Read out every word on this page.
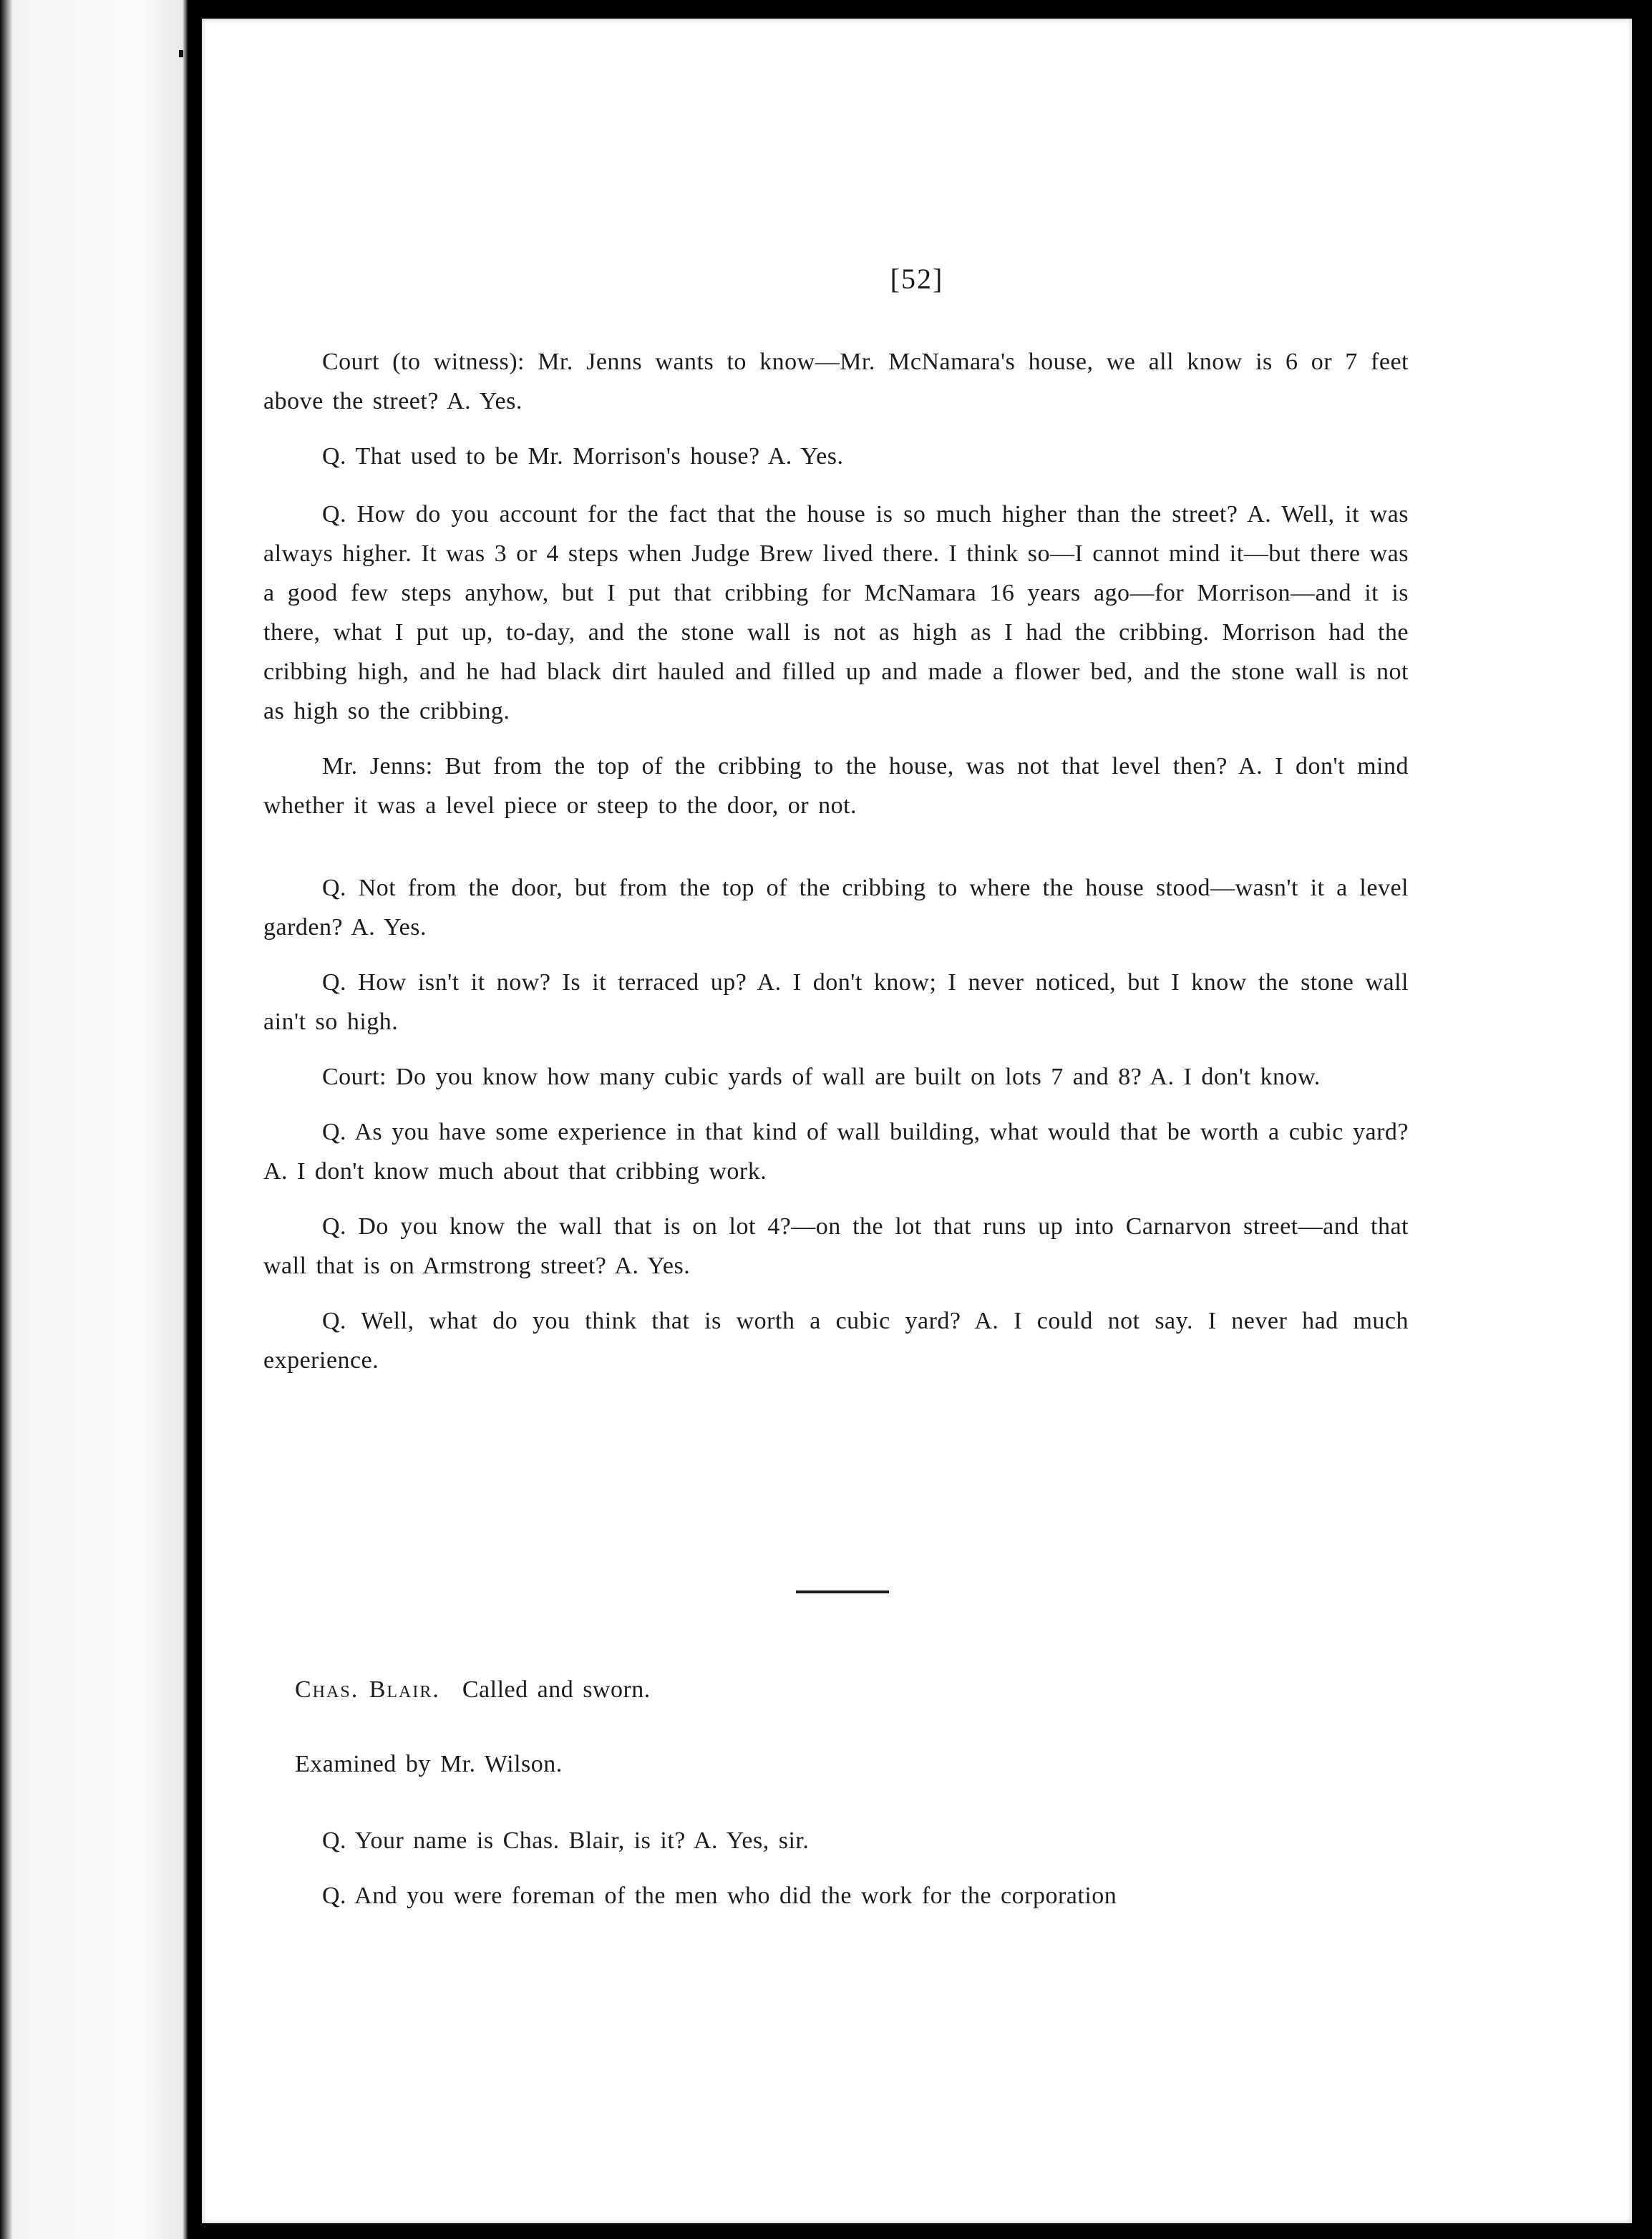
[52]

Court (to witness): Mr. Jenns wants to know—Mr. McNamara's house, we all know is 6 or 7 feet above the street? A. Yes.

Q. That used to be Mr. Morrison's house? A. Yes.

Q. How do you account for the fact that the house is so much higher than the street? A. Well, it was always higher. It was 3 or 4 steps when Judge Brew lived there. I think so—I cannot mind it—but there was a good few steps anyhow, but I put that cribbing for McNamara 16 years ago—for Morrison—and it is there, what I put up, to-day, and the stone wall is not as high as I had the cribbing. Morrison had the cribbing high, and he had black dirt hauled and filled up and made a flower bed, and the stone wall is not as high so the cribbing.

Mr. Jenns: But from the top of the cribbing to the house, was not that level then? A. I don't mind whether it was a level piece or steep to the door, or not.

Q. Not from the door, but from the top of the cribbing to where the house stood—wasn't it a level garden? A. Yes.

Q. How isn't it now? Is it terraced up? A. I don't know; I never noticed, but I know the stone wall ain't so high.

Court: Do you know how many cubic yards of wall are built on lots 7 and 8? A. I don't know.

Q. As you have some experience in that kind of wall building, what would that be worth a cubic yard? A. I don't know much about that cribbing work.

Q. Do you know the wall that is on lot 4?—on the lot that runs up into Carnarvon street—and that wall that is on Armstrong street? A. Yes.

Q. Well, what do you think that is worth a cubic yard? A. I could not say. I never had much experience.

Chas. Blair. Called and sworn.
Examined by Mr. Wilson.

Q. Your name is Chas. Blair, is it? A. Yes, sir.

Q. And you were foreman of the men who did the work for the corporation
